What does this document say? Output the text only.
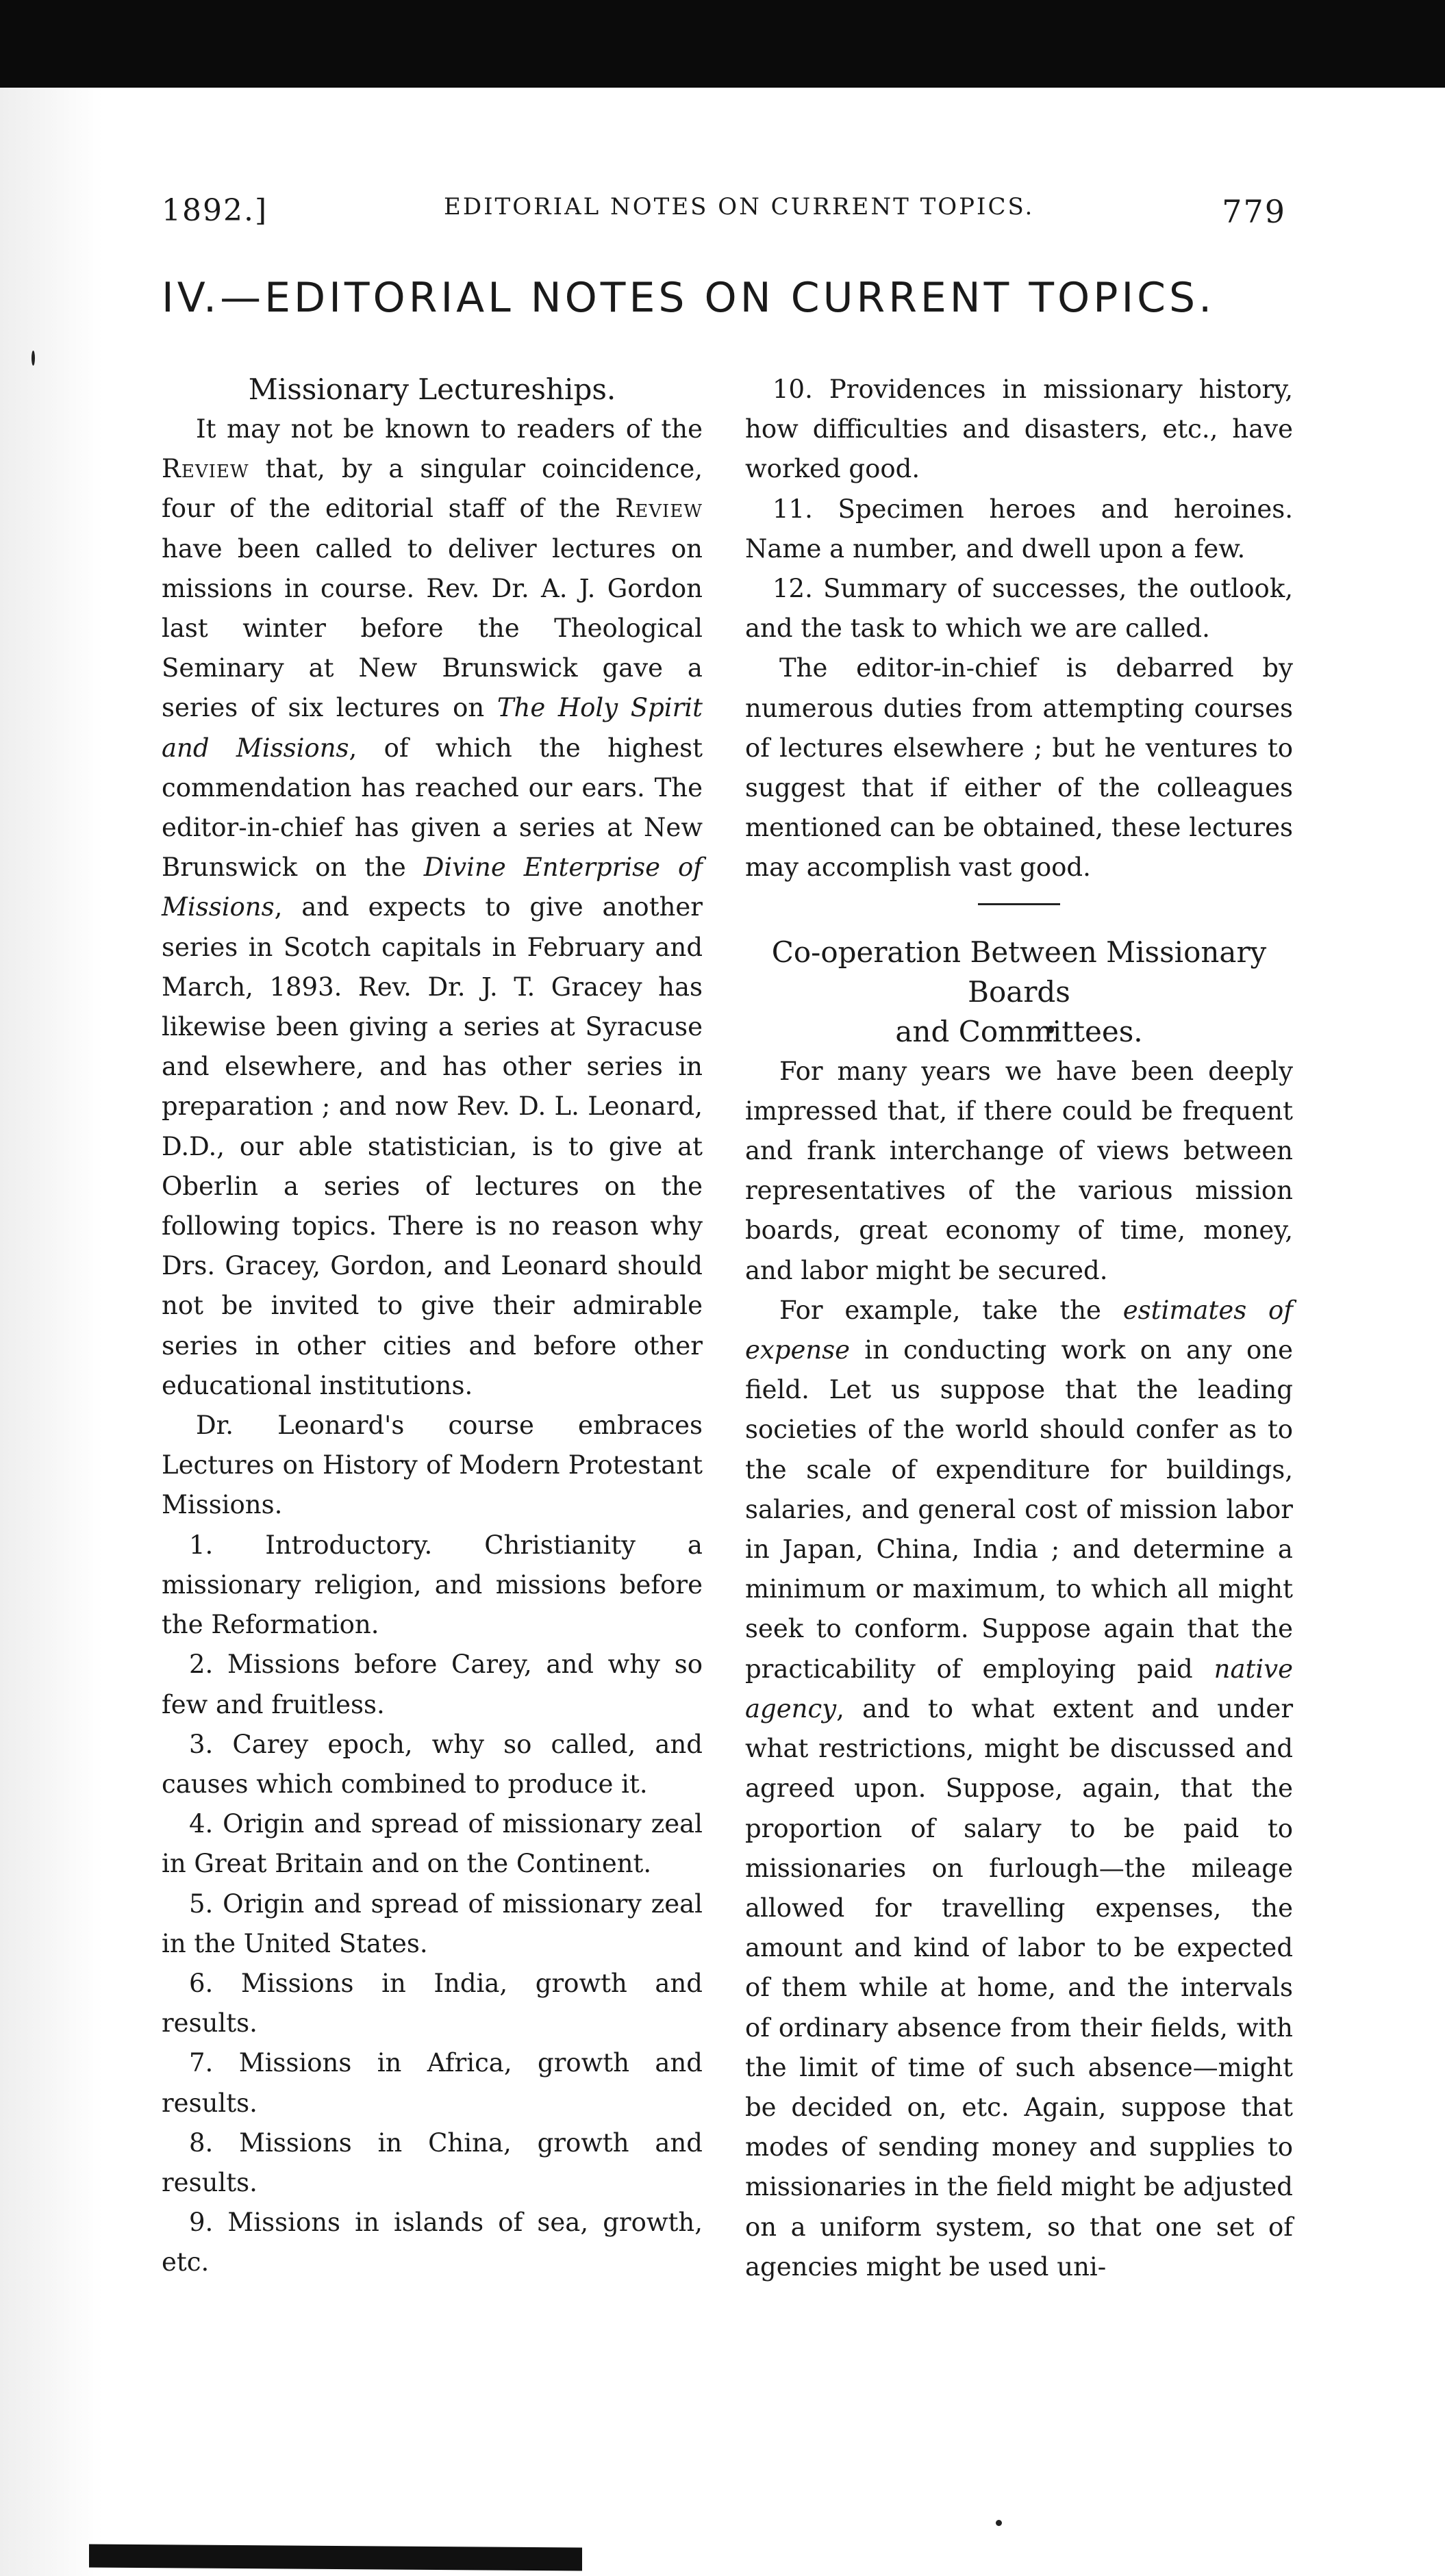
1892.]	EDITORIAL NOTES ON CURRENT TOPICS.	779
IV.—EDITORIAL NOTES ON CURRENT TOPICS.

Missionary Lectureships.

It may not be known to readers of the Review that, by a singular coincidence, four of the editorial staff of the Review have been called to deliver lectures on missions in course. Rev. Dr. A. J. Gordon last winter before the Theological Seminary at New Brunswick gave a series of six lectures on The Holy Spirit and Missions, of which the highest commendation has reached our ears. The editor-in-chief has given a series at New Brunswick on the Divine Enterprise of Missions, and expects to give another series in Scotch capitals in February and March, 1893. Rev. Dr. J. T. Gracey has likewise been giving a series at Syracuse and elsewhere, and has other series in preparation ; and now Rev. D. L. Leonard, D.D., our able statistician, is to give at Oberlin a series of lectures on the following topics. There is no reason why Drs. Gracey, Gordon, and Leonard should not be invited to give their admirable series in other cities and before other educational institutions.

Dr. Leonard's course embraces Lectures on History of Modern Protestant Missions.

1. Introductory. Christianity a missionary religion, and missions before the Reformation.

2. Missions before Carey, and why so few and fruitless.

3. Carey epoch, why so called, and causes which combined to produce it.

4. Origin and spread of missionary zeal in Great Britain and on the Continent.

5. Origin and spread of missionary zeal in the United States.

6. Missions in India, growth and results.

7. Missions in Africa, growth and results.

8. Missions in China, growth and results.

9. Missions in islands of sea, growth, etc.

10. Providences in missionary history, how difficulties and disasters, etc., have worked good.

11. Specimen heroes and heroines. Name a number, and dwell upon a few.

12. Summary of successes, the outlook, and the task to which we are called.

The editor-in-chief is debarred by numerous duties from attempting courses of lectures elsewhere ; but he ventures to suggest that if either of the colleagues mentioned can be obtained, these lectures may accomplish vast good.

Co-operation Between Missionary Boards
and Committees.

For many years we have been deeply impressed that, if there could be frequent and frank interchange of views between representatives of the various mission boards, great economy of time, money, and labor might be secured.

For example, take the estimates of expense in conducting work on any one field. Let us suppose that the leading societies of the world should confer as to the scale of expenditure for buildings, salaries, and general cost of mission labor in Japan, China, India ; and determine a minimum or maximum, to which all might seek to conform. Suppose again that the practicability of employing paid native agency, and to what extent and under what restrictions, might be discussed and agreed upon. Suppose, again, that the proportion of salary to be paid to missionaries on furlough—the mileage allowed for travelling expenses, the amount and kind of labor to be expected of them while at home, and the intervals of ordinary absence from their fields, with the limit of time of such absence—might be decided on, etc. Again, suppose that modes of sending money and supplies to missionaries in the field might be adjusted on a uniform system, so that one set of agencies might be used uni-
